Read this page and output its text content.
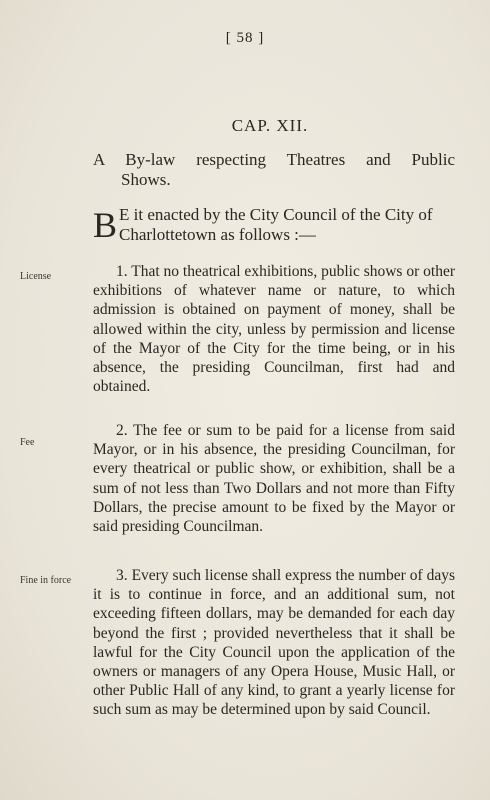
[ 58 ]
CAP. XII.
A By-law respecting Theatres and Public
Shows.
B E it enacted by the City Council of the City of Charlottetown as follows :—
License	1. That no theatrical exhibitions, public shows or other exhibitions of whatever name or nature, to which admission is obtained on payment of money, shall be allowed within the city, unless by permission and license of the Mayor of the City for the time being, or in his absence, the presiding Councilman, first had and obtained.

Fee

2. The fee or sum to be paid for a license from said Mayor, or in his absence, the presiding Councilman, for every theatrical or public show, or exhibition, shall be a sum of not less than Two Dollars and not more than Fifty Dollars, the precise amount to be fixed by the Mayor or said presiding Councilman.

Fine in force	3. Every such license shall express the number of days it is to continue in force, and an additional sum, not exceeding fifteen dollars, may be demanded for each day beyond the first ; provided nevertheless that it shall be lawful for the City Council upon the application of the owners or managers of any Opera House, Music Hall, or other Public Hall of any kind, to grant a yearly license for such sum as may be determined upon by said Council.
